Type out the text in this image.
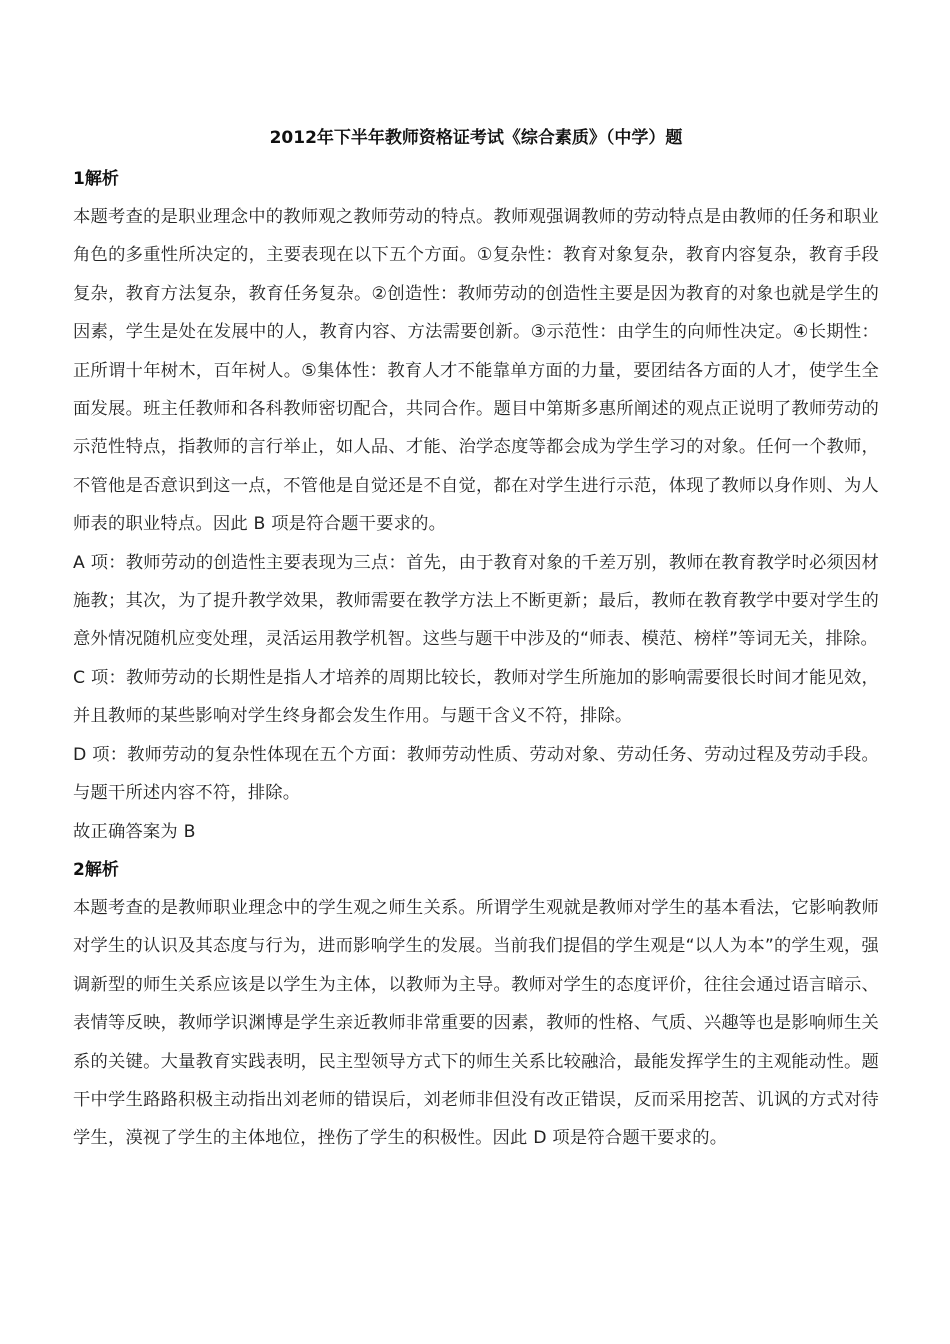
2012年下半年教师资格证考试《综合素质》（中学）题
1解析

本题考查的是职业理念中的教师观之教师劳动的特点。教师观强调教师的劳动特点是由教师的任务和职业角色的多重性所决定的，主要表现在以下五个方面。①复杂性：教育对象复杂，教育内容复杂，教育手段复杂，教育方法复杂，教育任务复杂。②创造性：教师劳动的创造性主要是因为教育的对象也就是学生的因素，学生是处在发展中的人，教育内容、方法需要创新。③示范性：由学生的向师性决定。④长期性：正所谓十年树木，百年树人。⑤集体性：教育人才不能靠单方面的力量，要团结各方面的人才，使学生全面发展。班主任教师和各科教师密切配合，共同合作。题目中第斯多惠所阐述的观点正说明了教师劳动的示范性特点，指教师的言行举止，如人品、才能、治学态度等都会成为学生学习的对象。任何一个教师，不管他是否意识到这一点，不管他是自觉还是不自觉，都在对学生进行示范，体现了教师以身作则、为人师表的职业特点。因此 B 项是符合题干要求的。

A 项：教师劳动的创造性主要表现为三点：首先，由于教育对象的千差万别，教师在教育教学时必须因材施教；其次，为了提升教学效果，教师需要在教学方法上不断更新；最后，教师在教育教学中要对学生的意外情况随机应变处理，灵活运用教学机智。这些与题干中涉及的“师表、模范、榜样”等词无关，排除。

C 项：教师劳动的长期性是指人才培养的周期比较长，教师对学生所施加的影响需要很长时间才能见效，并且教师的某些影响对学生终身都会发生作用。与题干含义不符，排除。

D 项：教师劳动的复杂性体现在五个方面：教师劳动性质、劳动对象、劳动任务、劳动过程及劳动手段。与题干所述内容不符，排除。

故正确答案为 B

2解析

本题考查的是教师职业理念中的学生观之师生关系。所谓学生观就是教师对学生的基本看法，它影响教师对学生的认识及其态度与行为，进而影响学生的发展。当前我们提倡的学生观是“以人为本”的学生观，强调新型的师生关系应该是以学生为主体，以教师为主导。教师对学生的态度评价，往往会通过语言暗示、表情等反映，教师学识渊博是学生亲近教师非常重要的因素，教师的性格、气质、兴趣等也是影响师生关系的关键。大量教育实践表明，民主型领导方式下的师生关系比较融洽，最能发挥学生的主观能动性。题干中学生路路积极主动指出刘老师的错误后，刘老师非但没有改正错误，反而采用挖苦、讥讽的方式对待学生，漠视了学生的主体地位，挫伤了学生的积极性。因此 D 项是符合题干要求的。
